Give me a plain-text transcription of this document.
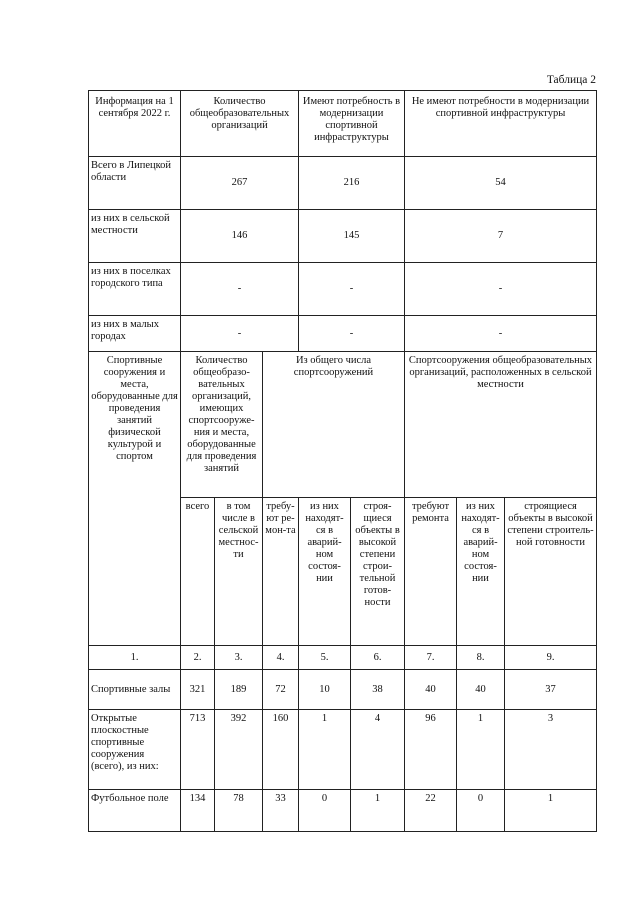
Таблица 2
Информация на 1 сентября 2022 г.	Количество общеобразовательных организаций			Имеют потребность в модернизации спортивной инфраструктуры		Не имеют потребности в модернизации спортивной инфраструктуры		
Всего в Липецкой области	267			216		54		
из них в сельской местности	146			145		7		
из них в поселках городского типа	-			-		-		
из них в малых городах	-			-		-		
Спортивные сооружения и места, оборудованные для проведения занятий физической культурой и спортом	Количество общеобразо-вательных организаций, имеющих спортсооруже-ния и места, оборудованные для проведения занятий		Из общего числа спортсооружений			Спортсооружения общеобразовательных организаций, расположенных в сельской местности		
	всего	в том числе в сельской местнос-ти	требу-ют ре-мон-та	из них находят-ся в аварий-ном состоя-нии	строя-щиеся объекты в высокой степени строи-тельной готов-ности	требуют ремонта	из них находят-ся в аварий-ном состоя-нии	строящиеся объекты в высокой степени строитель-ной готовности
1.	2.	3.	4.	5.	6.	7.	8.	9.
Спортивные залы	321	189	72	10	38	40	40	37
Открытые плоскостные спортивные сооружения (всего), из них:	713	392	160	1	4	96	1	3
Футбольное поле	134	78	33	0	1	22	0	1
